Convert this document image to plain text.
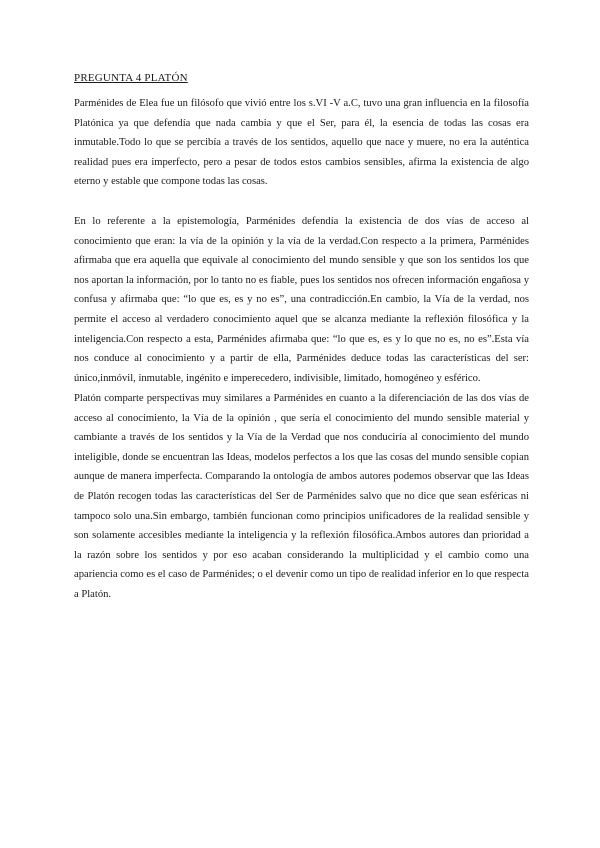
PREGUNTA 4 PLATÓN

Parménides de Elea fue un filósofo que vivió entre los s.VI -V a.C, tuvo una gran influencia en la filosofía Platónica ya que defendía que nada cambia y que el Ser, para él, la esencia de todas las cosas era inmutable.Todo lo que se percibía a través de los sentidos, aquello que nace y muere, no era la auténtica realidad pues era imperfecto, pero a pesar de todos estos cambios sensibles, afirma la existencia de algo eterno y estable que compone todas las cosas.

En lo referente a la epistemología, Parménides defendía la existencia de dos vías de acceso al conocimiento que eran: la vía de la opinión y la vía de la verdad.Con respecto a la primera, Parménides afirmaba que era aquella que equivale al conocimiento del mundo sensible y que son los sentidos los que nos aportan la información, por lo tanto no es fiable, pues los sentidos nos ofrecen información engañosa y confusa y afirmaba que: “lo que es, es y no es”, una contradicción.En cambio, la Vía de la verdad, nos permite el acceso al verdadero conocimiento aquel que se alcanza mediante la reflexión filosófica y la inteligencia.Con respecto a esta, Parménides afirmaba que: “lo que es, es y lo que no es, no es”.Esta vía nos conduce al conocimiento y a partir de ella, Parménides deduce todas las características del ser: único,inmóvil, inmutable, ingénito e imperecedero, indivisible, limitado, homogéneo y esférico.

Platón comparte perspectivas muy similares a Parménides en cuanto a la diferenciación de las dos vías de acceso al conocimiento, la Vía de la opinión , que sería el conocimiento del mundo sensible material y cambiante a través de los sentidos y la Vía de la Verdad que nos conduciría al conocimiento del mundo inteligible, donde se encuentran las Ideas, modelos perfectos a los que las cosas del mundo sensible copian aunque de manera imperfecta. Comparando la ontología de ambos autores podemos observar que las Ideas de Platón recogen todas las características del Ser de Parménides salvo que no dice que sean esféricas ni tampoco solo una.Sin embargo, también funcionan como principios unificadores de la realidad sensible y son solamente accesibles mediante la inteligencia y la reflexión filosófica.Ambos autores dan prioridad a la razón sobre los sentidos y por eso acaban considerando la multiplicidad y el cambio como una apariencia como es el caso de Parménides; o el devenir como un tipo de realidad inferior en lo que respecta a Platón.
